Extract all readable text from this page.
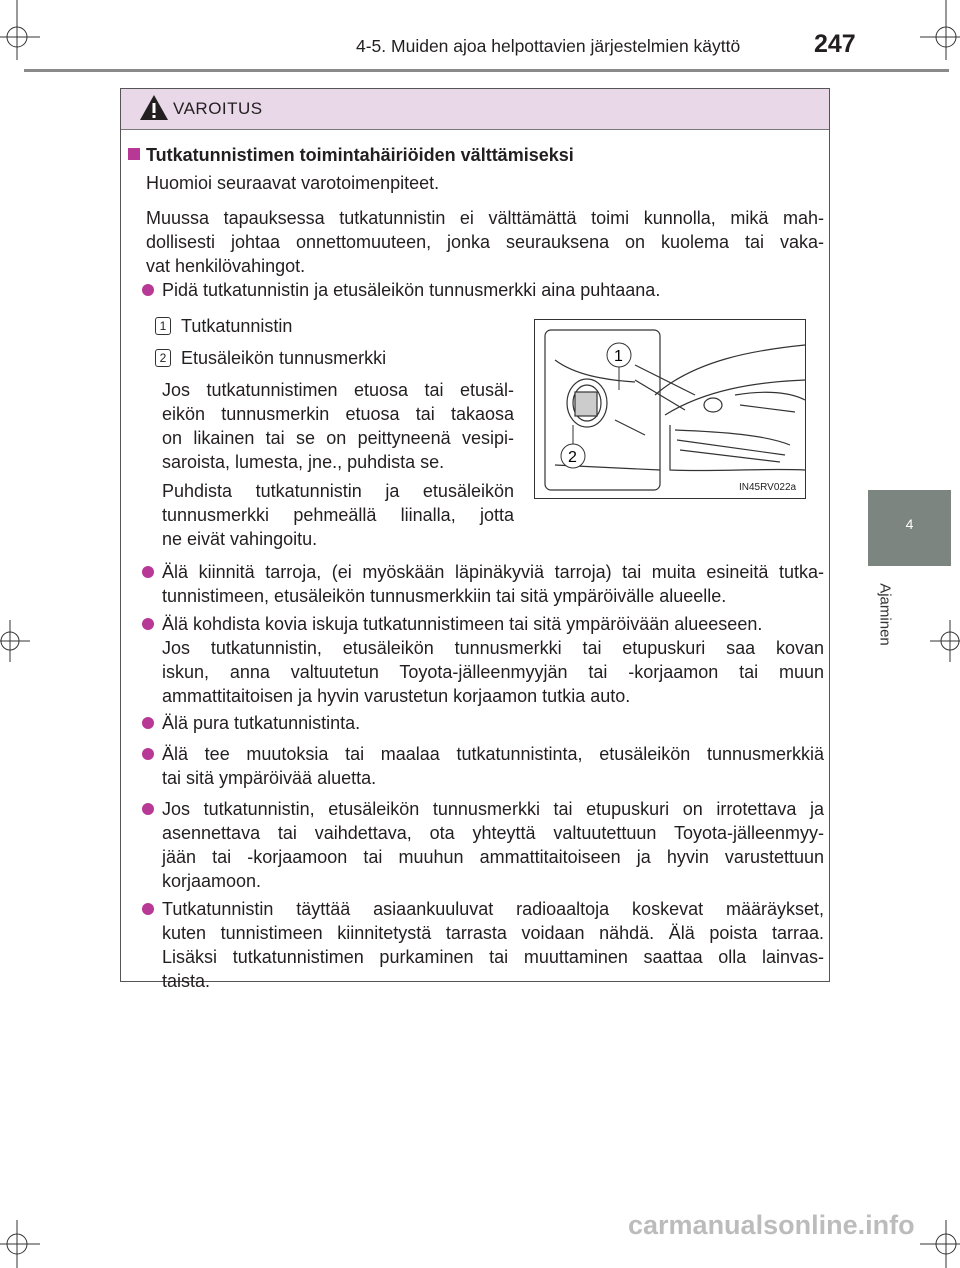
4-5. Muiden ajoa helpottavien järjestelmien käyttö	247
4
Ajaminen
VAROITUS
Tutkatunnistimen toimintahäiriöiden välttämiseksi
Huomioi seuraavat varotoimenpiteet.
Muussa tapauksessa tutkatunnistin ei välttämättä toimi kunnolla, mikä mah-
dollisesti johtaa onnettomuuteen, jonka seurauksena on kuolema tai vaka-
vat henkilövahingot.
Pidä tutkatunnistin ja etusäleikön tunnusmerkki aina puhtaana.
1 Tutkatunnistin
2 Etusäleikön tunnusmerkki
Jos tutkatunnistimen etuosa tai etusäl-
eikön tunnusmerkin etuosa tai takaosa
on likainen tai se on peittyneenä vesipi-
saroista, lumesta, jne., puhdista se.
Puhdista tutkatunnistin ja etusäleikön
tunnusmerkki pehmeällä liinalla, jotta
ne eivät vahingoitu.
1
2
IN45RV022a
Älä kiinnitä tarroja, (ei myöskään läpinäkyviä tarroja) tai muita esineitä tutka-
tunnistimeen, etusäleikön tunnusmerkkiin tai sitä ympäröivälle alueelle.
Älä kohdista kovia iskuja tutkatunnistimeen tai sitä ympäröivään alueeseen.
Jos tutkatunnistin, etusäleikön tunnusmerkki tai etupuskuri saa kovan
iskun, anna valtuutetun Toyota-jälleenmyyjän tai -korjaamon tai muun
ammattitaitoisen ja hyvin varustetun korjaamon tutkia auto.
Älä pura tutkatunnistinta.
Älä tee muutoksia tai maalaa tutkatunnistinta, etusäleikön tunnusmerkkiä
tai sitä ympäröivää aluetta.
Jos tutkatunnistin, etusäleikön tunnusmerkki tai etupuskuri on irrotettava ja
asennettava tai vaihdettava, ota yhteyttä valtuutettuun Toyota-jälleenmyy-
jään tai -korjaamoon tai muuhun ammattitaitoiseen ja hyvin varustettuun
korjaamoon.
Tutkatunnistin täyttää asiaankuuluvat radioaaltoja koskevat määräykset,
kuten tunnistimeen kiinnitetystä tarrasta voidaan nähdä. Älä poista tarraa.
Lisäksi tutkatunnistimen purkaminen tai muuttaminen saattaa olla lainvas-
taista.
carmanualsonline.info
